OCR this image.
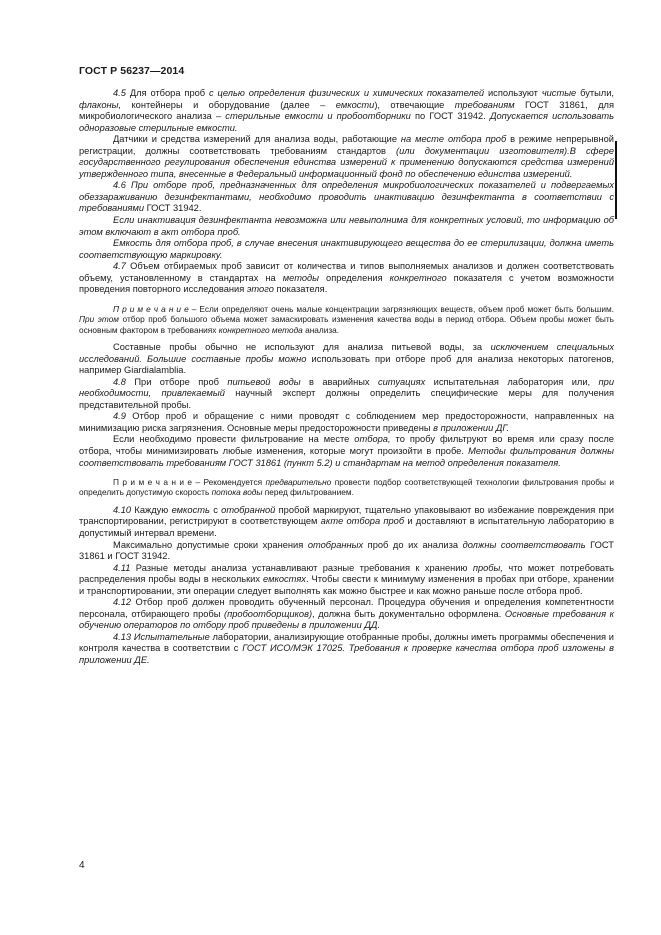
ГОСТ Р 56237—2014

4.5 Для отбора проб с целью определения физических и химических показателей используют чистые бутыли, флаконы, контейнеры и оборудование (далее – емкости), отвечающие требованиям ГОСТ 31861, для микробиологического анализа – стерильные емкости и пробоотборники по ГОСТ 31942. Допускается использовать одноразовые стерильные емкости.

Датчики и средства измерений для анализа воды, работающие на месте отбора проб в режиме непрерывной регистрации, должны соответствовать требованиям стандартов (или документации изготовителя).В сфере государственного регулирования обеспечения единства измерений к применению допускаются средства измерений утвержденного типа, внесенные в Федеральный информационный фонд по обеспечению единства измерений.

4.6 При отборе проб, предназначенных для определения микробиологических показателей и подвергаемых обеззараживанию дезинфектантами, необходимо проводить инактивацию дезинфектанта в соответствии с требованиями ГОСТ 31942.

Если инактивация дезинфектанта невозможна или невыполнима для конкретных условий, то информацию об этом включают в акт отбора проб.

Емкость для отбора проб, в случае внесения инактивирующего вещества до ее стерилизации, должна иметь соответствующую маркировку.

4.7 Объем отбираемых проб зависит от количества и типов выполняемых анализов и должен соответствовать объему, установленному в стандартах на методы определения конкретного показателя с учетом возможности проведения повторного исследования этого показателя.

П р и м е ч а н и е – Если определяют очень малые концентрации загрязняющих веществ, объем проб может быть большим. При этом отбор проб большого объема может замаскировать изменения качества воды в период отбора. Объем пробы может быть основным фактором в требованиях конкретного метода анализа.

Составные пробы обычно не используют для анализа питьевой воды, за исключением специальных исследований. Большие составные пробы можно использовать при отборе проб для анализа некоторых патогенов, например Giardialamblia.

4.8 При отборе проб питьевой воды в аварийных ситуациях испытательная лаборатория или, при необходимости, привлекаемый научный эксперт должны определить специфические меры для получения представительной пробы.

4.9 Отбор проб и обращение с ними проводят с соблюдением мер предосторожности, направленных на минимизацию риска загрязнения. Основные меры предосторожности приведены в приложении ДГ.

Если необходимо провести фильтрование на месте отбора, то пробу фильтруют во время или сразу после отбора, чтобы минимизировать любые изменения, которые могут произойти в пробе. Методы фильтрования должны соответствовать требованиям ГОСТ 31861 (пункт 5.2) и стандартам на метод определения показателя.

П р и м е ч а н и е – Рекомендуется предварительно провести подбор соответствующей технологии фильтрования пробы и определить допустимую скорость потока воды перед фильтрованием.

4.10 Каждую емкость с отобранной пробой маркируют, тщательно упаковывают во избежание повреждения при транспортировании, регистрируют в соответствующем акте отбора проб и доставляют в испытательную лабораторию в допустимый интервал времени.

Максимально допустимые сроки хранения отобранных проб до их анализа должны соответствовать ГОСТ 31861 и ГОСТ 31942.

4.11 Разные методы анализа устанавливают разные требования к хранению пробы, что может потребовать распределения пробы воды в нескольких емкостях. Чтобы свести к минимуму изменения в пробах при отборе, хранении и транспортировании, эти операции следует выполнять как можно быстрее и как можно раньше после отбора проб.

4.12 Отбор проб должен проводить обученный персонал. Процедура обучения и определения компетентности персонала, отбирающего пробы (пробоотборщиков), должна быть документально оформлена. Основные требования к обучению операторов по отбору проб приведены в приложении ДД.

4.13 Испытательные лаборатории, анализирующие отобранные пробы, должны иметь программы обеспечения и контроля качества в соответствии с ГОСТ ИСО/МЭК 17025. Требования к проверке качества отбора проб изложены в приложении ДЕ.

4
